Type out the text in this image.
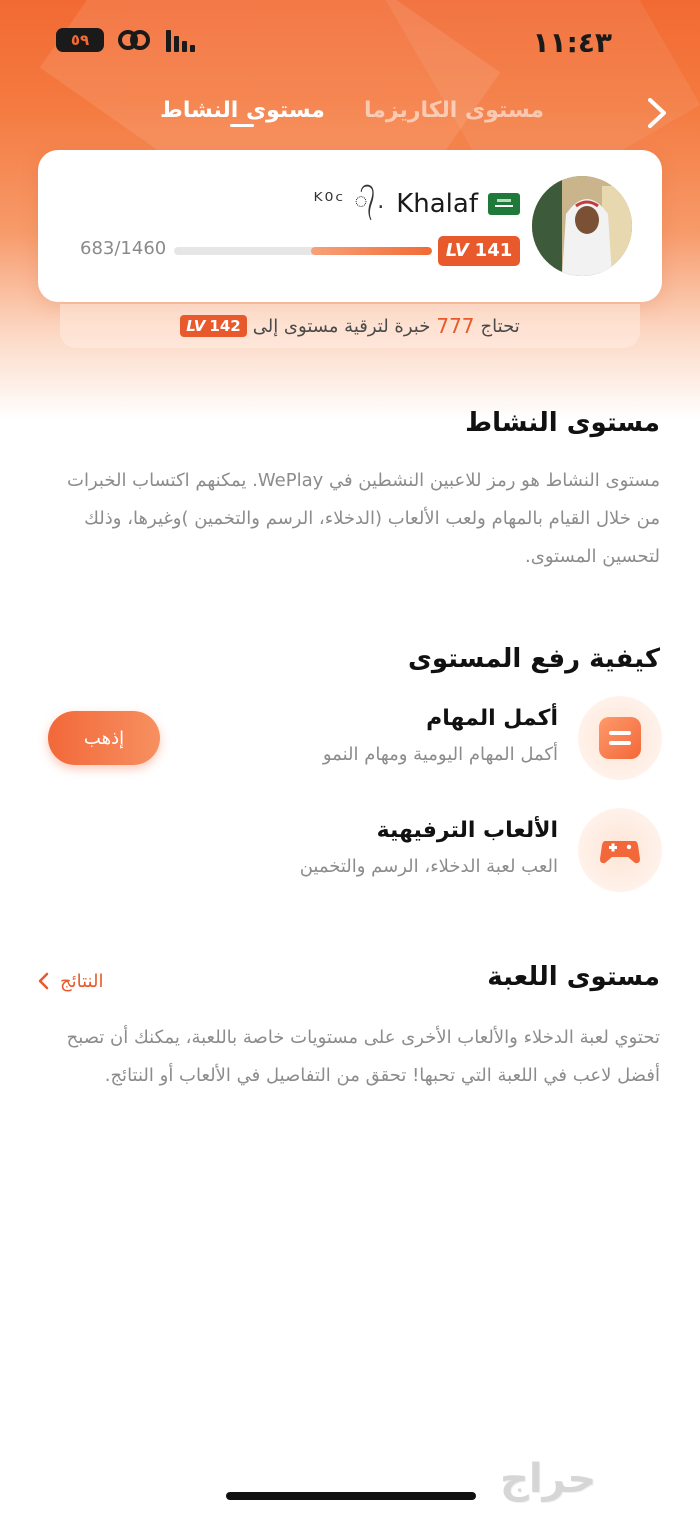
٥٩	١١:٤٣
مستوى الكاريزما
مستوى النشاط
ᴷ⁰ᶜ ᭄. Khalaf
LV 141
683/1460
تحتاج
777
خبرة لترقية مستوى إلى
LV 142
مستوى النشاط
مستوى النشاط هو رمز للاعبين النشطين في WePlay. يمكنهم اكتساب الخبرات من خلال القيام بالمهام ولعب الألعاب (الدخلاء، الرسم والتخمين )وغيرها، وذلك لتحسين المستوى.
كيفية رفع المستوى
أكمل المهام
أكمل المهام اليومية ومهام النمو
إذهب
الألعاب الترفيهية
العب لعبة الدخلاء، الرسم والتخمين
مستوى اللعبة
النتائج
تحتوي لعبة الدخلاء والألعاب الأخرى على مستويات خاصة باللعبة، يمكنك أن تصبح أفضل لاعب في اللعبة التي تحبها! تحقق من التفاصيل في الألعاب أو النتائج.
حراج
